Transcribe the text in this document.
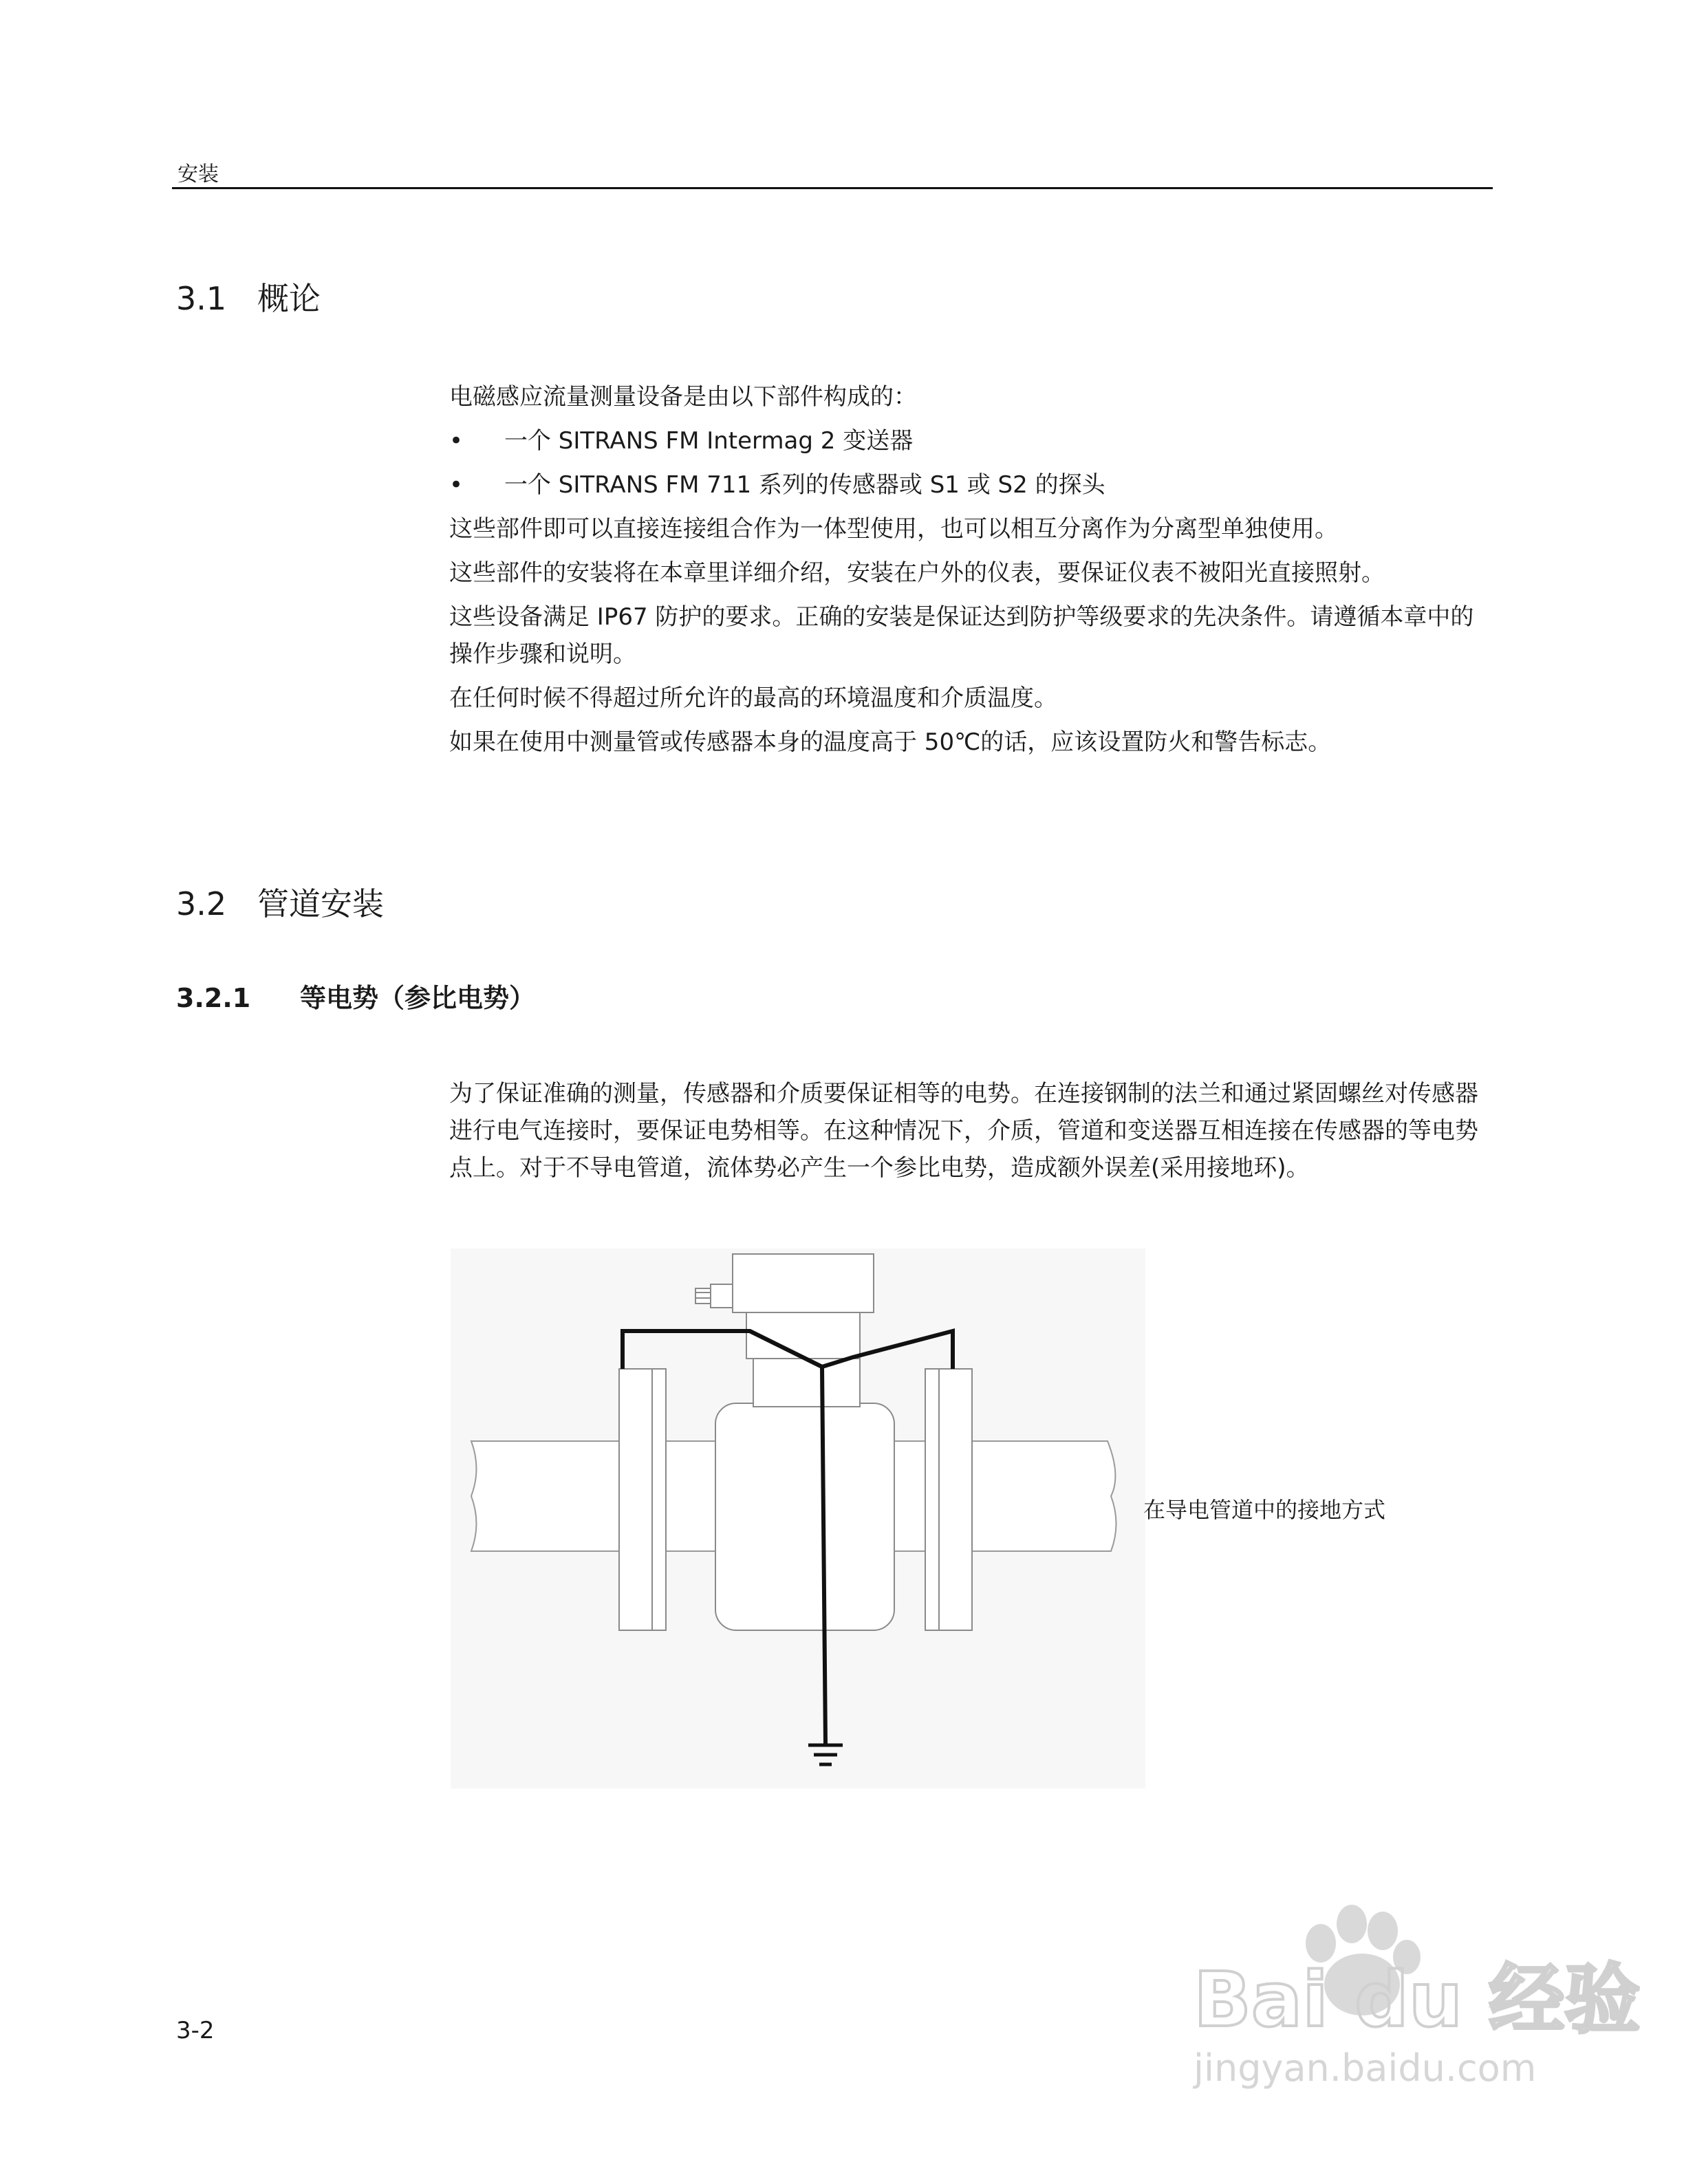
安装
3.1 概论

电磁感应流量测量设备是由以下部件构成的：

• 一个 SITRANS FM Intermag 2 变送器

• 一个 SITRANS FM 711 系列的传感器或 S1 或 S2 的探头

这些部件即可以直接连接组合作为一体型使用，也可以相互分离作为分离型单独使用。

这些部件的安装将在本章里详细介绍，安装在户外的仪表，要保证仪表不被阳光直接照射。

这些设备满足 IP67 防护的要求。正确的安装是保证达到防护等级要求的先决条件。请遵循本章中的操作步骤和说明。

在任何时候不得超过所允许的最高的环境温度和介质温度。

如果在使用中测量管或传感器本身的温度高于 50℃的话，应该设置防火和警告标志。

3.2 管道安装
3.2.1 等电势（参比电势）

为了保证准确的测量，传感器和介质要保证相等的电势。在连接钢制的法兰和通过紧固螺丝对传感器进行电气连接时，要保证电势相等。在这种情况下，介质，管道和变送器互相连接在传感器的等电势点上。对于不导电管道，流体势必产生一个参比电势，造成额外误差(采用接地环)。

在导电管道中的接地方式
3-2	Bai du 经验
jingyan.baidu.com
